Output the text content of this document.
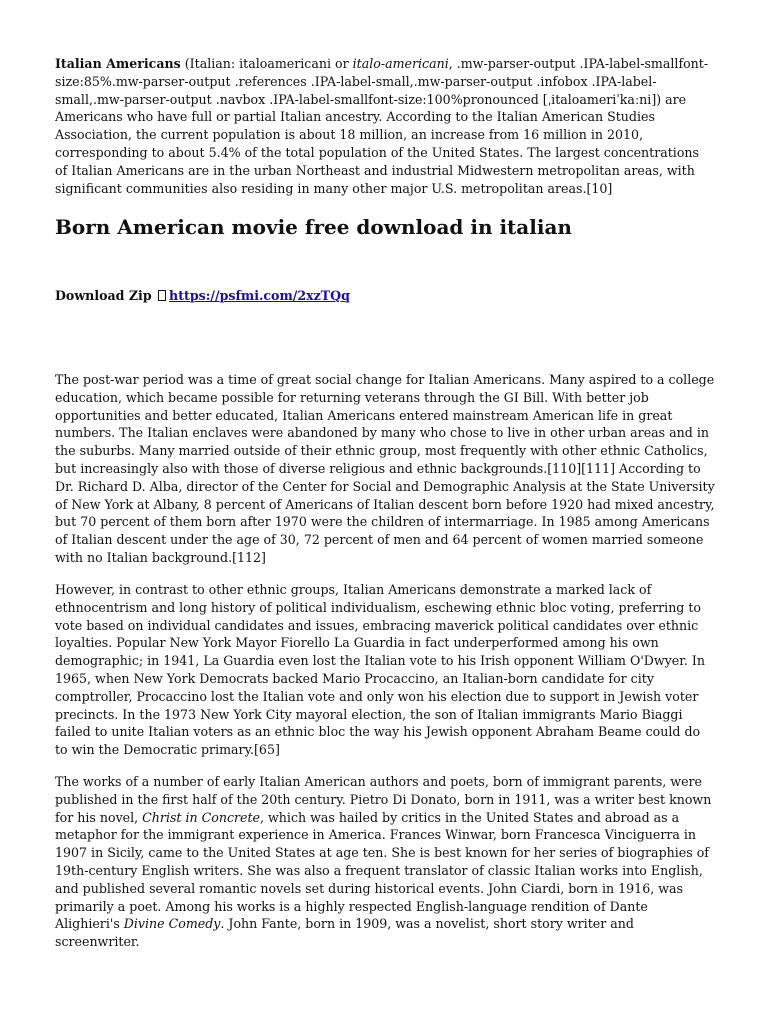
Italian Americans (Italian: italoamericani or italo-americani, .mw-parser-output .IPA-label-smallfont-size:85%.mw-parser-output .references .IPA-label-small,.mw-parser-output .infobox .IPA-label-small,.mw-parser-output .navbox .IPA-label-smallfont-size:100%pronounced [ˌitaloameriˈkaːni]) are Americans who have full or partial Italian ancestry. According to the Italian American Studies Association, the current population is about 18 million, an increase from 16 million in 2010, corresponding to about 5.4% of the total population of the United States. The largest concentrations of Italian Americans are in the urban Northeast and industrial Midwestern metropolitan areas, with significant communities also residing in many other major U.S. metropolitan areas.[10]

Born American movie free download in italian
Download Zip https://psfmi.com/2xzTQq

The post-war period was a time of great social change for Italian Americans. Many aspired to a college education, which became possible for returning veterans through the GI Bill. With better job opportunities and better educated, Italian Americans entered mainstream American life in great numbers. The Italian enclaves were abandoned by many who chose to live in other urban areas and in the suburbs. Many married outside of their ethnic group, most frequently with other ethnic Catholics, but increasingly also with those of diverse religious and ethnic backgrounds.[110][111] According to Dr. Richard D. Alba, director of the Center for Social and Demographic Analysis at the State University of New York at Albany, 8 percent of Americans of Italian descent born before 1920 had mixed ancestry, but 70 percent of them born after 1970 were the children of intermarriage. In 1985 among Americans of Italian descent under the age of 30, 72 percent of men and 64 percent of women married someone with no Italian background.[112]

However, in contrast to other ethnic groups, Italian Americans demonstrate a marked lack of ethnocentrism and long history of political individualism, eschewing ethnic bloc voting, preferring to vote based on individual candidates and issues, embracing maverick political candidates over ethnic loyalties. Popular New York Mayor Fiorello La Guardia in fact underperformed among his own demographic; in 1941, La Guardia even lost the Italian vote to his Irish opponent William O'Dwyer. In 1965, when New York Democrats backed Mario Procaccino, an Italian-born candidate for city comptroller, Procaccino lost the Italian vote and only won his election due to support in Jewish voter precincts. In the 1973 New York City mayoral election, the son of Italian immigrants Mario Biaggi failed to unite Italian voters as an ethnic bloc the way his Jewish opponent Abraham Beame could do to win the Democratic primary.[65]

The works of a number of early Italian American authors and poets, born of immigrant parents, were published in the first half of the 20th century. Pietro Di Donato, born in 1911, was a writer best known for his novel, Christ in Concrete, which was hailed by critics in the United States and abroad as a metaphor for the immigrant experience in America. Frances Winwar, born Francesca Vinciguerra in 1907 in Sicily, came to the United States at age ten. She is best known for her series of biographies of 19th-century English writers. She was also a frequent translator of classic Italian works into English, and published several romantic novels set during historical events. John Ciardi, born in 1916, was primarily a poet. Among his works is a highly respected English-language rendition of Dante Alighieri's Divine Comedy. John Fante, born in 1909, was a novelist, short story writer and screenwriter.
